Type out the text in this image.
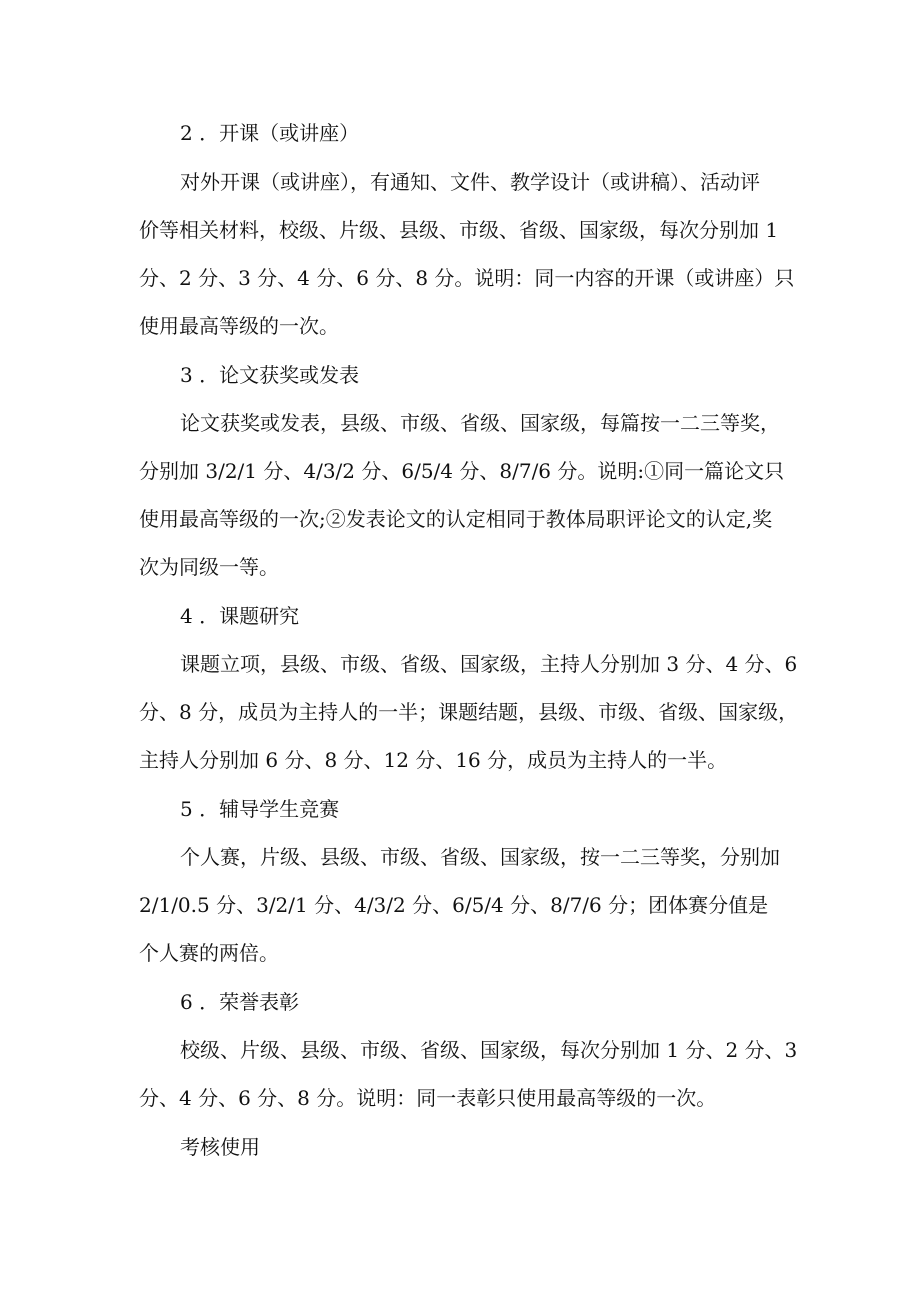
2 ．开课（或讲座）

对外开课（或讲座），有通知、文件、教学设计（或讲稿）、活动评

价等相关材料，校级、片级、县级、市级、省级、国家级，每次分别加 1

分、2 分、3 分、4 分、6 分、8 分。说明：同一内容的开课（或讲座）只

使用最高等级的一次。

3 ．论文获奖或发表

论文获奖或发表，县级、市级、省级、国家级，每篇按一二三等奖，

分别加 3/2/1 分、4/3/2 分、6/5/4 分、8/7/6 分。说明:①同一篇论文只

使用最高等级的一次;②发表论文的认定相同于教体局职评论文的认定,奖

次为同级一等。

4 ．课题研究

课题立项，县级、市级、省级、国家级，主持人分别加 3 分、4 分、6

分、8 分，成员为主持人的一半；课题结题，县级、市级、省级、国家级，

主持人分别加 6 分、8 分、12 分、16 分，成员为主持人的一半。

5 ．辅导学生竞赛

个人赛，片级、县级、市级、省级、国家级，按一二三等奖，分别加

2/1/0.5 分、3/2/1 分、4/3/2 分、6/5/4 分、8/7/6 分；团体赛分值是

个人赛的两倍。

6 ．荣誉表彰

校级、片级、县级、市级、省级、国家级，每次分别加 1 分、2 分、3

分、4 分、6 分、8 分。说明：同一表彰只使用最高等级的一次。

考核使用
